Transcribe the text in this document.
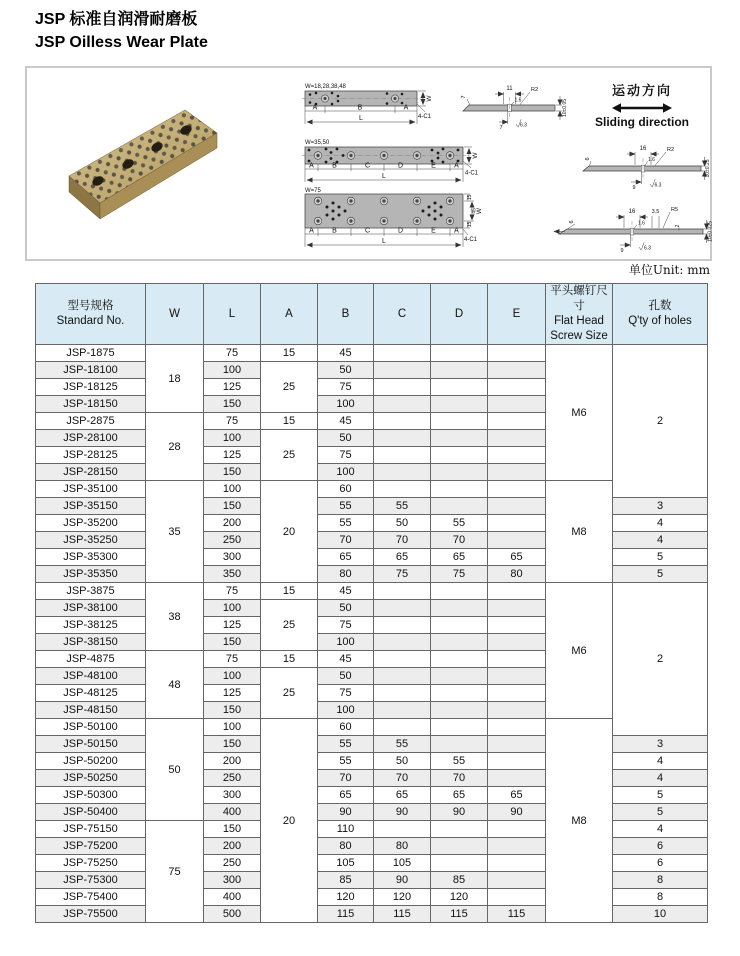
JSP 标准自润滑耐磨板
JSP Oilless Wear Plate
W=18,28,38,48
A	B	A
L	4-C1
W
W=35,50
A	B	C	D	E	A
L	4-C1
W
W=75
A	B	C	D	E	A
L	4-C1
15
45
15
W
运动方向
Sliding direction
11	R2
1.6
7
7	6.3
10±0.05
16	R2
1.6
6
9	6.3
10±0.25
16	3.5 R5
2
1.6
6
9	6.3
10±0.025
单位Unit: mm
型号规格
Standard No.
	W	L	A	B	C	D	E	
平头螺钉尺寸
Flat Head
Screw Size

孔数
Q'ty of holes

JSP-1875	18	75	15	45				M6	2
JSP-18100		100	25	50					
JSP-18125		125		75					
JSP-18150		150		100					
JSP-2875	28	75	15	45					
JSP-28100		100	25	50					
JSP-28125		125		75					
JSP-28150		150		100					
JSP-35100	35	100	20	60				M8	
JSP-35150		150		55	55				3
JSP-35200		200		55	50	55			4
JSP-35250		250		70	70	70			4
JSP-35300		300		65	65	65	65		5
JSP-35350		350		80	75	75	80		5
JSP-3875	38	75	15	45				M6	2
JSP-38100		100	25	50					
JSP-38125		125		75					
JSP-38150		150		100					
JSP-4875	48	75	15	45					
JSP-48100		100	25	50					
JSP-48125		125		75					
JSP-48150		150		100					
JSP-50100	50	100	20	60				M8	
JSP-50150		150		55	55				3
JSP-50200		200		55	50	55			4
JSP-50250		250		70	70	70			4
JSP-50300		300		65	65	65	65		5
JSP-50400		400		90	90	90	90		5
JSP-75150	75	150		110					4
JSP-75200		200		80	80				6
JSP-75250		250		105	105				6
JSP-75300		300		85	90	85			8
JSP-75400		400		120	120	120			8
JSP-75500		500		115	115	115	115		10
